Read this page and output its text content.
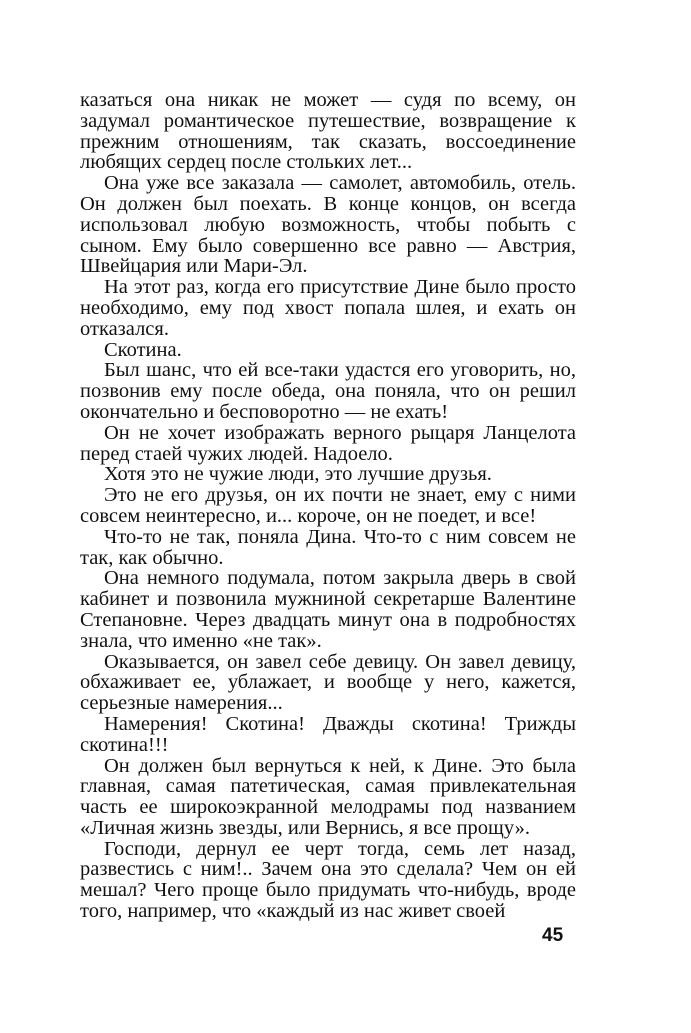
казаться она никак не может — судя по всему, он задумал романтическое путешествие, возвращение к прежним отношениям, так сказать, воссоединение любящих сердец после стольких лет...

Она уже все заказала — самолет, автомобиль, отель. Он должен был поехать. В конце концов, он всегда использовал любую возможность, чтобы побыть с сыном. Ему было совершенно все равно — Австрия, Швейцария или Мари-Эл.

На этот раз, когда его присутствие Дине было просто необходимо, ему под хвост попала шлея, и ехать он отказался.

Скотина.

Был шанс, что ей все-таки удастся его уговорить, но, позвонив ему после обеда, она поняла, что он решил окончательно и бесповоротно — не ехать!

Он не хочет изображать верного рыцаря Ланцелота перед стаей чужих людей. Надоело.

Хотя это не чужие люди, это лучшие друзья.

Это не его друзья, он их почти не знает, ему с ними совсем неинтересно, и... короче, он не поедет, и все!

Что-то не так, поняла Дина. Что-то с ним совсем не так, как обычно.

Она немного подумала, потом закрыла дверь в свой кабинет и позвонила мужниной секретарше Валентине Степановне. Через двадцать минут она в подробностях знала, что именно «не так».

Оказывается, он завел себе девицу. Он завел девицу, обхаживает ее, ублажает, и вообще у него, кажется, серьезные намерения...

Намерения! Скотина! Дважды скотина! Трижды скотина!!!

Он должен был вернуться к ней, к Дине. Это была главная, самая патетическая, самая привлекательная часть ее широкоэкранной мелодрамы под названием «Личная жизнь звезды, или Вернись, я все прощу».

Господи, дернул ее черт тогда, семь лет назад, развестись с ним!.. Зачем она это сделала? Чем он ей мешал? Чего проще было придумать что-нибудь, вроде того, например, что «каждый из нас живет своей

45
